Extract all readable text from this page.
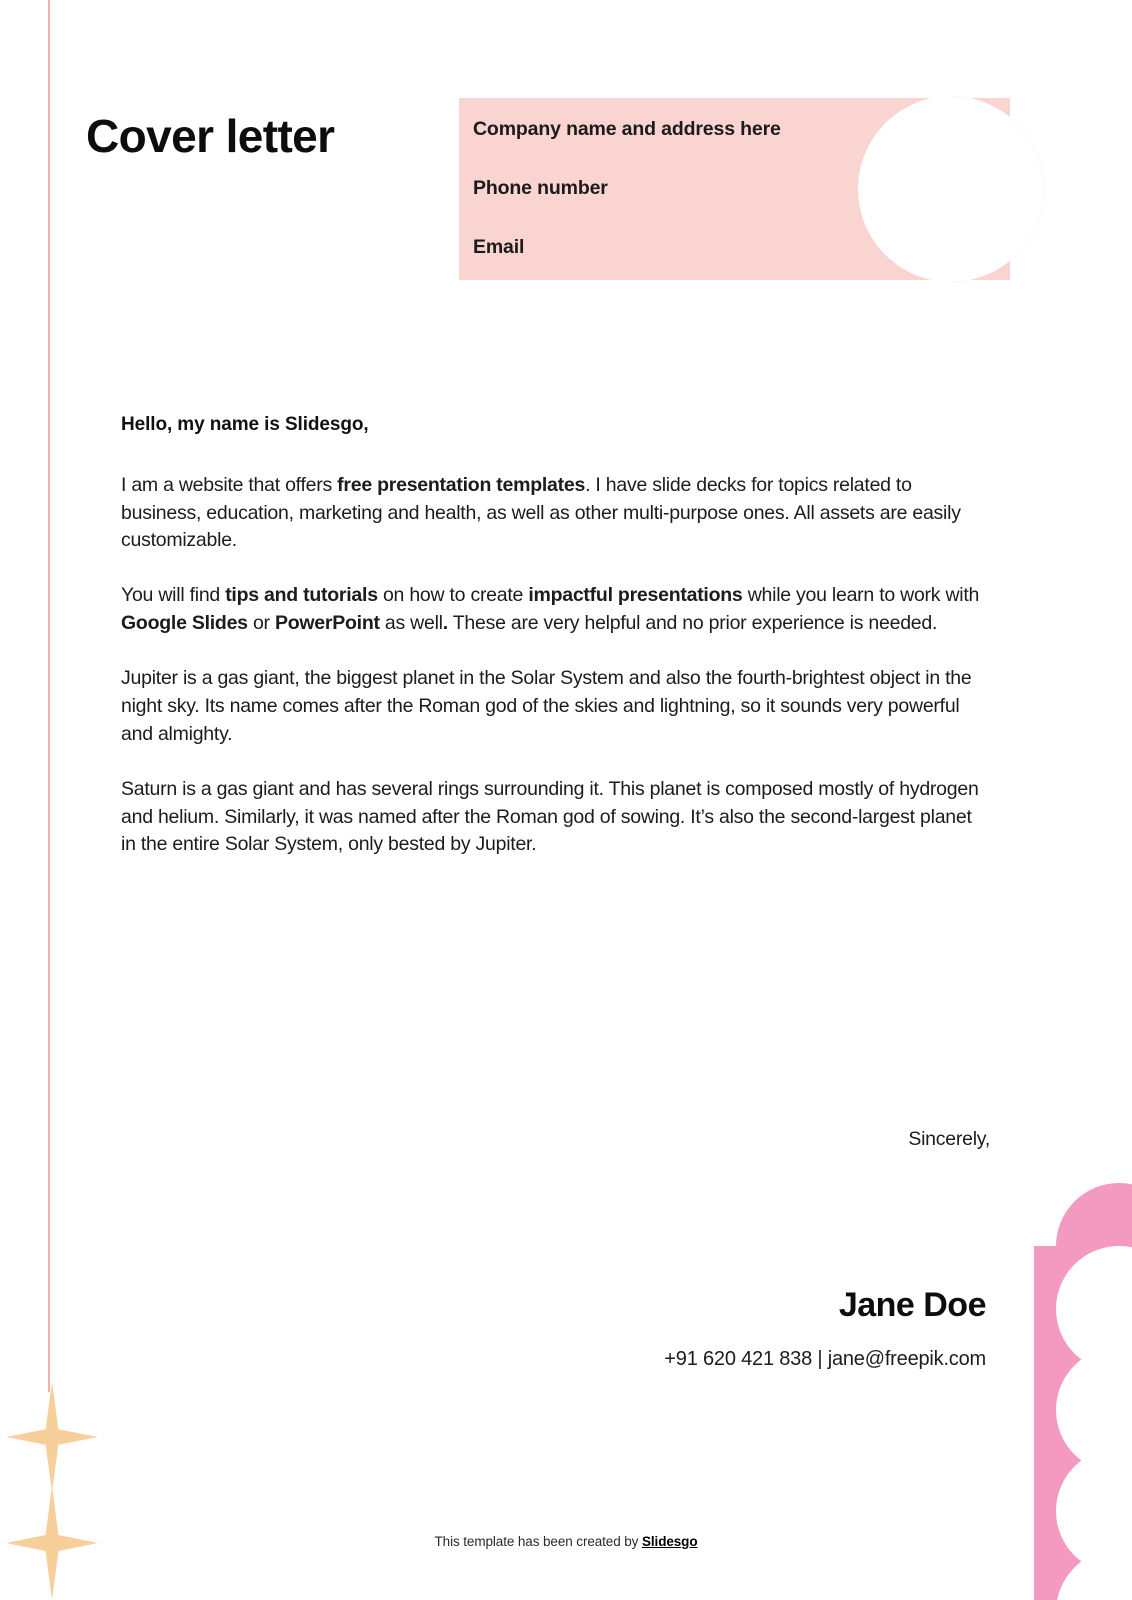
Cover letter	Company name and address here
Phone number
Email

Hello, my name is Slidesgo,

I am a website that offers free presentation templates. I have slide decks for topics related to business, education, marketing and health, as well as other multi-purpose ones. All assets are easily customizable.

You will find tips and tutorials on how to create impactful presentations while you learn to work with Google Slides or PowerPoint as well. These are very helpful and no prior experience is needed.

Jupiter is a gas giant, the biggest planet in the Solar System and also the fourth-brightest object in the night sky. Its name comes after the Roman god of the skies and lightning, so it sounds very powerful and almighty.

Saturn is a gas giant and has several rings surrounding it. This planet is composed mostly of hydrogen and helium. Similarly, it was named after the Roman god of sowing. It’s also the second-largest planet in the entire Solar System, only bested by Jupiter.

Sincerely,
Jane Doe
+91 620 421 838 | jane@freepik.com
This template has been created by Slidesgo
